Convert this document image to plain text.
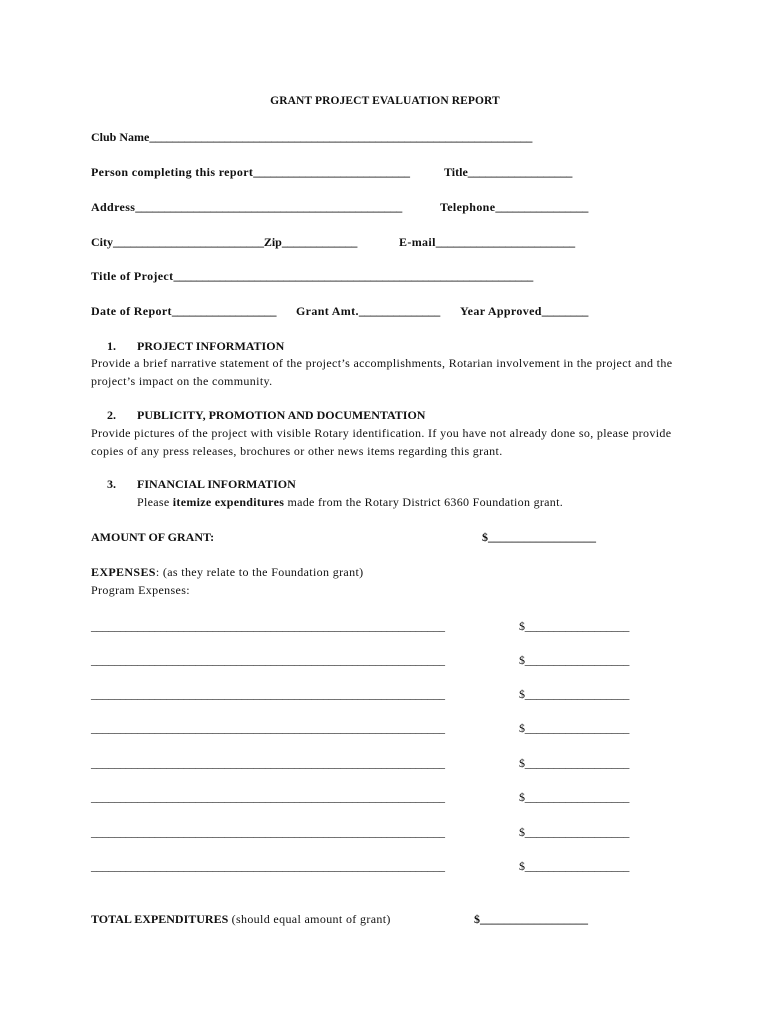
GRANT PROJECT EVALUATION REPORT
Club Name__________________________________________________________________
Person completing this report___________________________	Title__________________
Address______________________________________________	Telephone________________
City__________________________Zip_____________	E-mail________________________
Title of Project______________________________________________________________
Date of Report__________________ Grant Amt.______________ Year Approved________
1. PROJECT INFORMATION
Provide a brief narrative statement of the project’s accomplishments, Rotarian involvement in the project and the project’s impact on the community.
2. PUBLICITY, PROMOTION AND DOCUMENTATION
Provide pictures of the project with visible Rotary identification. If you have not already done so, please provide copies of any press releases, brochures or other news items regarding this grant.
3. FINANCIAL INFORMATION
Please itemize expenditures made from the Rotary District 6360 Foundation grant.
AMOUNT OF GRANT:	$__________________
EXPENSES: (as they relate to the Foundation grant)
Program Expenses:
_____________________________________________________________	$__________________
_____________________________________________________________	$__________________
_____________________________________________________________	$__________________
_____________________________________________________________	$__________________
_____________________________________________________________	$__________________
_____________________________________________________________	$__________________
_____________________________________________________________	$__________________
_____________________________________________________________	$__________________
TOTAL EXPENDITURES (should equal amount of grant)	$__________________
